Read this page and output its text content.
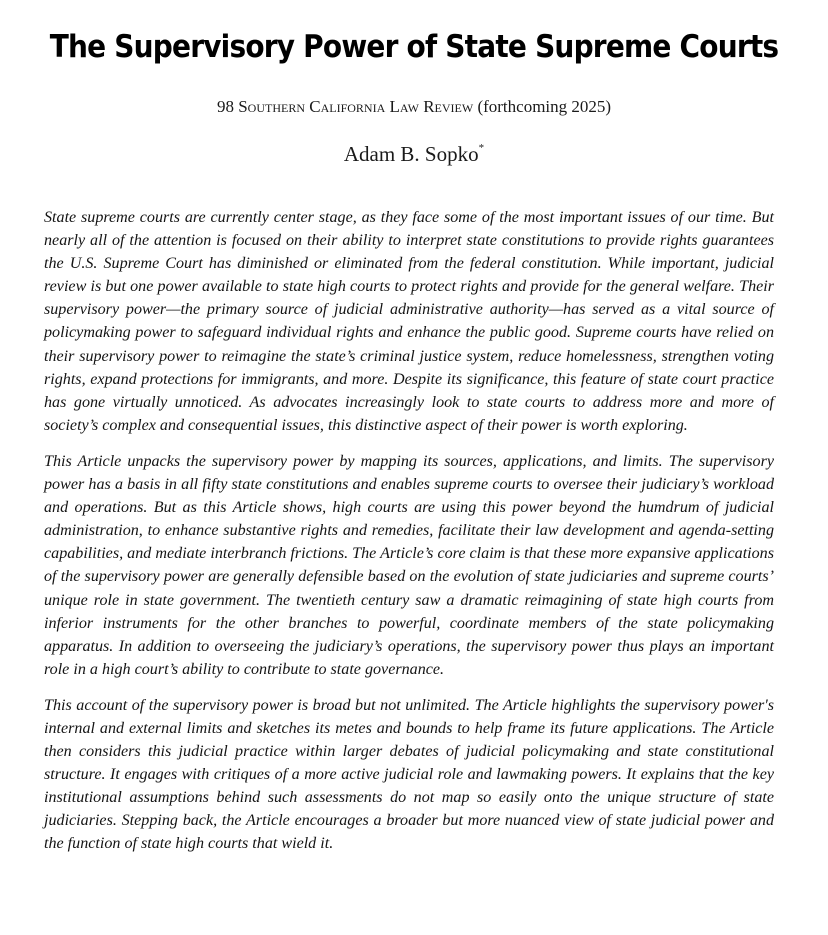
The Supervisory Power of State Supreme Courts

98 Southern California Law Review (forthcoming 2025)

Adam B. Sopko*

State supreme courts are currently center stage, as they face some of the most important issues of our time. But nearly all of the attention is focused on their ability to interpret state constitutions to provide rights guarantees the U.S. Supreme Court has diminished or eliminated from the federal constitution. While important, judicial review is but one power available to state high courts to protect rights and provide for the general welfare. Their supervisory power—the primary source of judicial administrative authority—has served as a vital source of policymaking power to safeguard individual rights and enhance the public good. Supreme courts have relied on their supervisory power to reimagine the state’s criminal justice system, reduce homelessness, strengthen voting rights, expand protections for immigrants, and more. Despite its significance, this feature of state court practice has gone virtually unnoticed. As advocates increasingly look to state courts to address more and more of society’s complex and consequential issues, this distinctive aspect of their power is worth exploring.

This Article unpacks the supervisory power by mapping its sources, applications, and limits. The supervisory power has a basis in all fifty state constitutions and enables supreme courts to oversee their judiciary’s workload and operations. But as this Article shows, high courts are using this power beyond the humdrum of judicial administration, to enhance substantive rights and remedies, facilitate their law development and agenda-setting capabilities, and mediate interbranch frictions. The Article’s core claim is that these more expansive applications of the supervisory power are generally defensible based on the evolution of state judiciaries and supreme courts’ unique role in state government. The twentieth century saw a dramatic reimagining of state high courts from inferior instruments for the other branches to powerful, coordinate members of the state policymaking apparatus. In addition to overseeing the judiciary’s operations, the supervisory power thus plays an important role in a high court’s ability to contribute to state governance.

This account of the supervisory power is broad but not unlimited. The Article highlights the supervisory power's internal and external limits and sketches its metes and bounds to help frame its future applications. The Article then considers this judicial practice within larger debates of judicial policymaking and state constitutional structure. It engages with critiques of a more active judicial role and lawmaking powers. It explains that the key institutional assumptions behind such assessments do not map so easily onto the unique structure of state judiciaries. Stepping back, the Article encourages a broader but more nuanced view of state judicial power and the function of state high courts that wield it.
